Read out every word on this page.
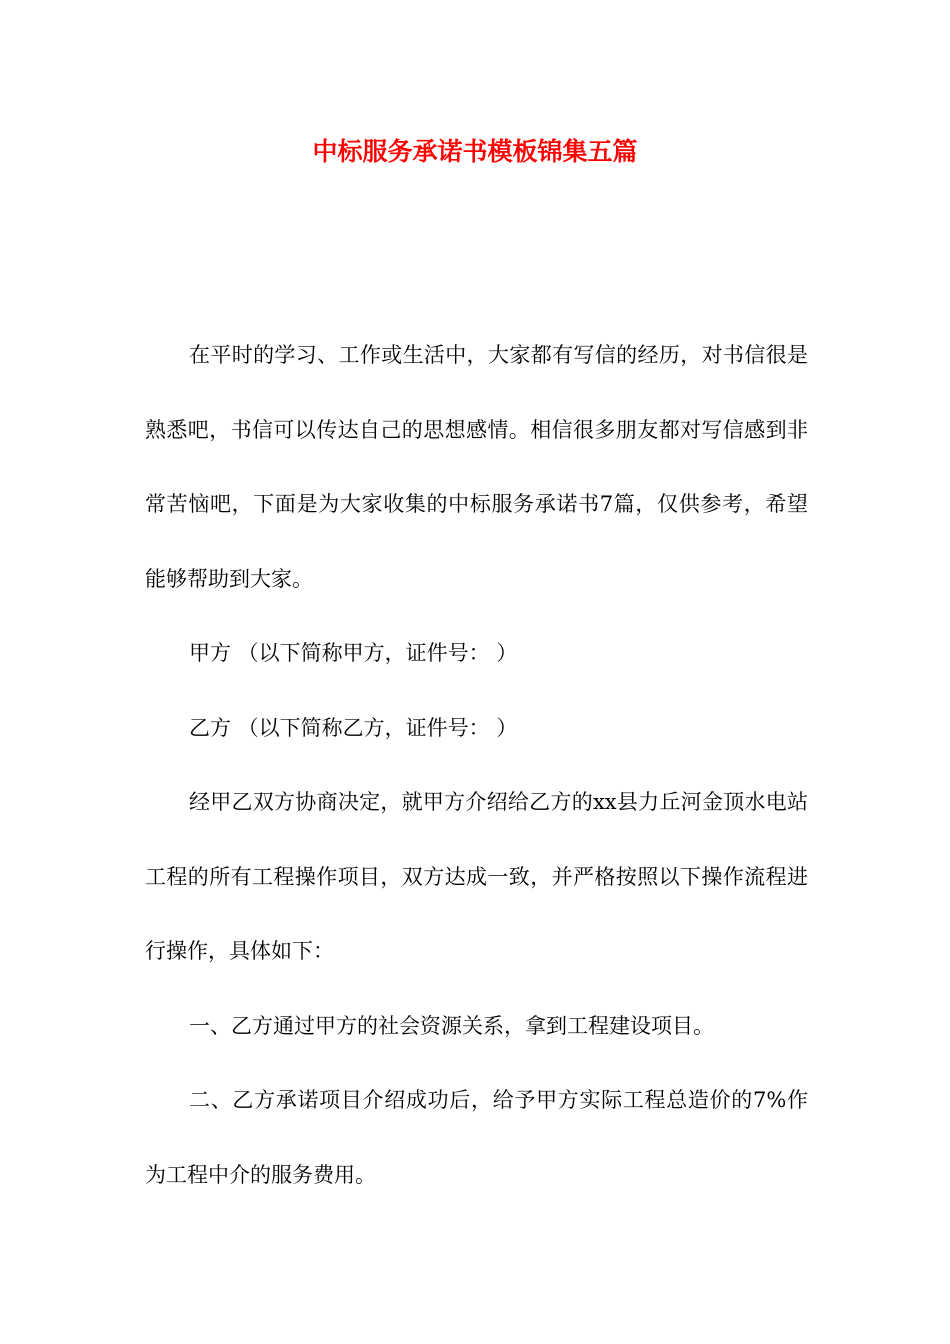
中标服务承诺书模板锦集五篇

在平时的学习、工作或生活中，大家都有写信的经历，对书信很是熟悉吧，书信可以传达自己的思想感情。相信很多朋友都对写信感到非常苦恼吧，下面是为大家收集的中标服务承诺书7篇，仅供参考，希望能够帮助到大家。

甲方 （以下简称甲方，证件号： ）

乙方 （以下简称乙方，证件号： ）

经甲乙双方协商决定，就甲方介绍给乙方的xx县力丘河金顶水电站工程的所有工程操作项目，双方达成一致，并严格按照以下操作流程进行操作，具体如下：

一、乙方通过甲方的社会资源关系，拿到工程建设项目。

二、乙方承诺项目介绍成功后，给予甲方实际工程总造价的7%作为工程中介的服务费用。
